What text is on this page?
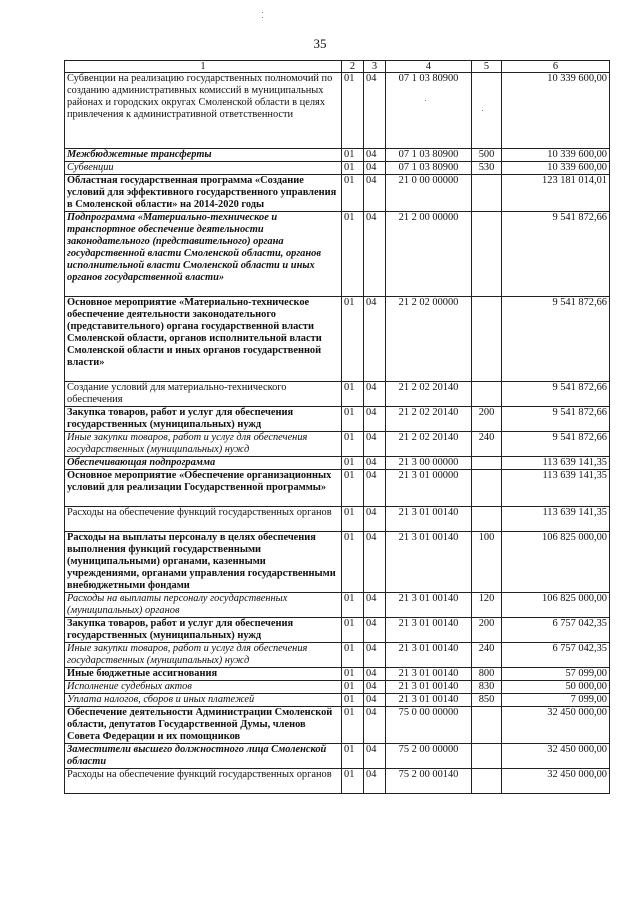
35
1	2	3	4	5	6
Субвенции на реализацию государственных полномочий по созданию административных комиссий в муниципальных районах и городских округах Смоленской области в целях привлечения к административной ответственности	01	04	07 1 03 80900		10 339 600,00
Межбюджетные трансферты	01	04	07 1 03 80900	500	10 339 600,00
Субвенции	01	04	07 1 03 80900	530	10 339 600,00
Областная государственная программа «Создание условий для эффективного государственного управления в Смоленской области» на 2014-2020 годы	01	04	21 0 00 00000		123 181 014,01
Подпрограмма «Материально-техническое и транспортное обеспечение деятельности законодательного (представительного) органа государственной власти Смоленской области, органов исполнительной власти Смоленской области и иных органов государственной власти»	01	04	21 2 00 00000		9 541 872,66
Основное мероприятие «Материально-техническое обеспечение деятельности законодательного (представительного) органа государственной власти Смоленской области, органов исполнительной власти Смоленской области и иных органов государственной власти»	01	04	21 2 02 00000		9 541 872,66
Создание условий для материально-технического обеспечения	01	04	21 2 02 20140		9 541 872,66
Закупка товаров, работ и услуг для обеспечения государственных (муниципальных) нужд	01	04	21 2 02 20140	200	9 541 872,66
Иные закупки товаров, работ и услуг для обеспечения государственных (муниципальных) нужд	01	04	21 2 02 20140	240	9 541 872,66
Обеспечивающая подпрограмма	01	04	21 3 00 00000		113 639 141,35
Основное мероприятие «Обеспечение организационных условий для реализации Государственной программы»	01	04	21 3 01 00000		113 639 141,35
Расходы на обеспечение функций государственных органов	01	04	21 3 01 00140		113 639 141,35
Расходы на выплаты персоналу в целях обеспечения выполнения функций государственными (муниципальными) органами, казенными учреждениями, органами управления государственными внебюджетными фондами	01	04	21 3 01 00140	100	106 825 000,00
Расходы на выплаты персоналу государственных (муниципальных) органов	01	04	21 3 01 00140	120	106 825 000,00
Закупка товаров, работ и услуг для обеспечения государственных (муниципальных) нужд	01	04	21 3 01 00140	200	6 757 042,35
Иные закупки товаров, работ и услуг для обеспечения государственных (муниципальных) нужд	01	04	21 3 01 00140	240	6 757 042,35
Иные бюджетные ассигнования	01	04	21 3 01 00140	800	57 099,00
Исполнение судебных актов	01	04	21 3 01 00140	830	50 000,00
Уплата налогов, сборов и иных платежей	01	04	21 3 01 00140	850	7 099,00
Обеспечение деятельности Администрации Смоленской области, депутатов Государственной Думы, членов Совета Федерации и их помощников	01	04	75 0 00 00000		32 450 000,00
Заместители высшего должностного лица Смоленской области	01	04	75 2 00 00000		32 450 000,00
Расходы на обеспечение функций государственных органов	01	04	75 2 00 00140		32 450 000,00
